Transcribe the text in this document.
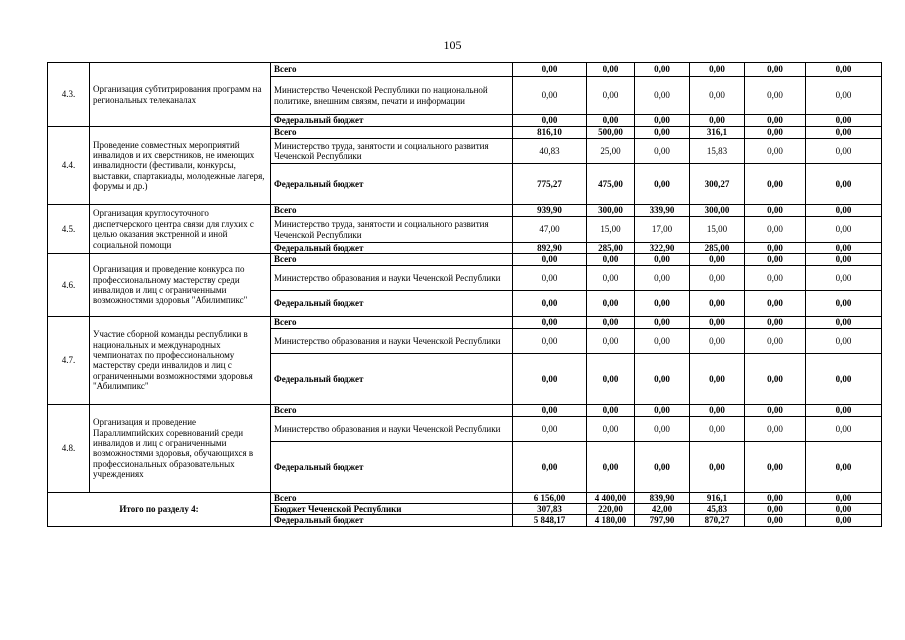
105
4.3.	Организация субтитрирования программ на региональных телеканалах	Всего	0,00	0,00	0,00	0,00	0,00	0,00
		Министерство Чеченской Республики по национальной политике, внешним связям, печати и информации	0,00	0,00	0,00	0,00	0,00	0,00
		Федеральный бюджет	0,00	0,00	0,00	0,00	0,00	0,00
4.4.	Проведение совместных мероприятий инвалидов и их сверстников, не имеющих инвалидности (фестивали, конкурсы, выставки, спартакиады, молодежные лагеря, форумы и др.)	Всего	816,10	500,00	0,00	316,1	0,00	0,00
		Министерство труда, занятости и социального развития Чеченской Республики	40,83	25,00	0,00	15,83	0,00	0,00
		Федеральный бюджет	775,27	475,00	0,00	300,27	0,00	0,00
4.5.	Организация круглосуточного диспетчерского центра связи для глухих с целью оказания экстренной и иной социальной помощи	Всего	939,90	300,00	339,90	300,00	0,00	0,00
		Министерство труда, занятости и социального развития Чеченской Республики	47,00	15,00	17,00	15,00	0,00	0,00
		Федеральный бюджет	892,90	285,00	322,90	285,00	0,00	0,00
4.6.	Организация и проведение конкурса по профессиональному мастерству среди инвалидов и лиц с ограниченными возможностями здоровья "Абилимпикс"	Всего	0,00	0,00	0,00	0,00	0,00	0,00
		Министерство образования и науки Чеченской Республики	0,00	0,00	0,00	0,00	0,00	0,00
		Федеральный бюджет	0,00	0,00	0,00	0,00	0,00	0,00
4.7.	Участие сборной команды республики в национальных и международных чемпионатах по профессиональному мастерству среди инвалидов и лиц с ограниченными возможностями здоровья "Абилимпикс"	Всего	0,00	0,00	0,00	0,00	0,00	0,00
		Министерство образования и науки Чеченской Республики	0,00	0,00	0,00	0,00	0,00	0,00
		Федеральный бюджет	0,00	0,00	0,00	0,00	0,00	0,00
4.8.	Организация и проведение Параллимпийских соревнований среди инвалидов и лиц с ограниченными возможностями здоровья, обучающихся в профессиональных образовательных учреждениях	Всего	0,00	0,00	0,00	0,00	0,00	0,00
		Министерство образования и науки Чеченской Республики	0,00	0,00	0,00	0,00	0,00	0,00
		Федеральный бюджет	0,00	0,00	0,00	0,00	0,00	0,00
Итого по разделу 4:		Всего	6 156,00	4 400,00	839,90	916,1	0,00	0,00
		Бюджет Чеченской Республики	307,83	220,00	42,00	45,83	0,00	0,00
		Федеральный бюджет	5 848,17	4 180,00	797,90	870,27	0,00	0,00
